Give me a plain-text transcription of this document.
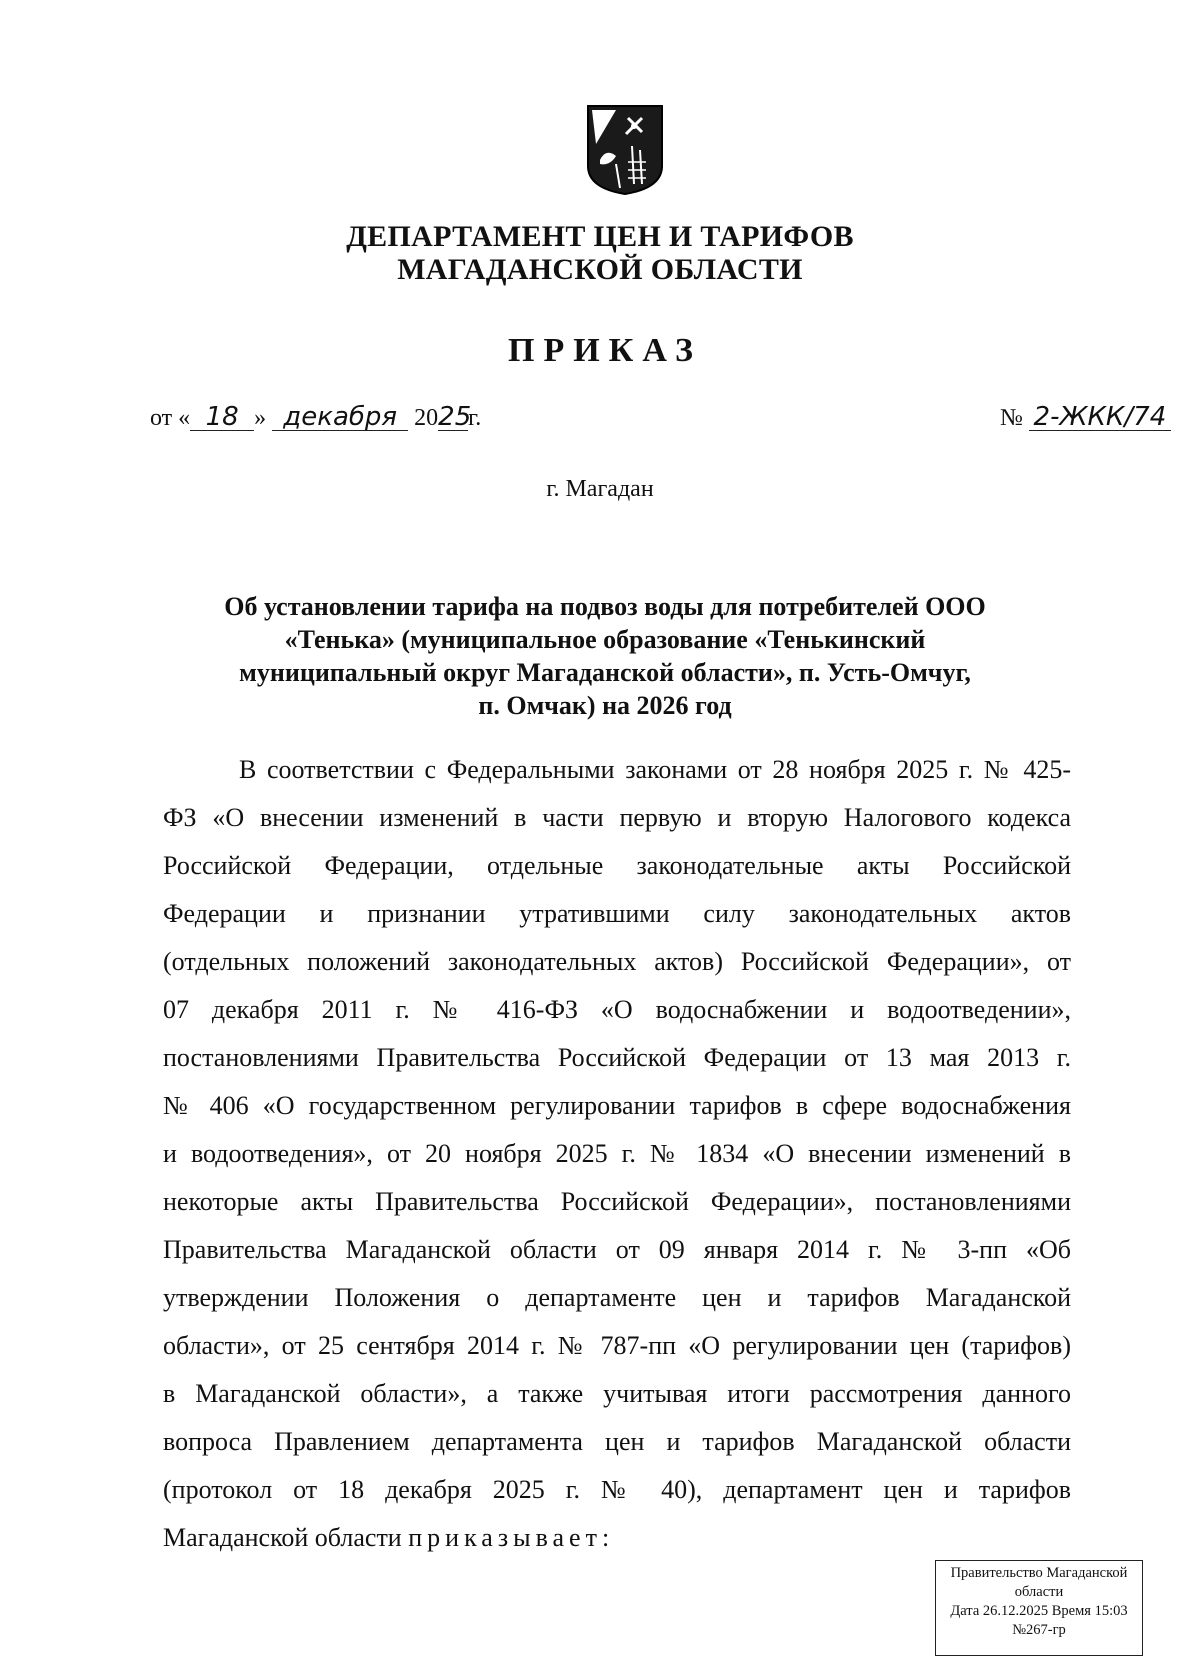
ДЕПАРТАМЕНТ ЦЕН И ТАРИФОВ
МАГАДАНСКОЙ ОБЛАСТИ
ПРИКАЗ
от « 18 » декабря 2025г.	№ 2-ЖКК/74
г. Магадан
Об установлении тарифа на подвоз воды для потребителей ООО
«Тенька» (муниципальное образование «Тенькинский
муниципальный округ Магаданской области», п. Усть-Омчуг,
п. Омчак) на 2026 год
В соответствии с Федеральными законами от 28 ноября 2025 г. № 425-
ФЗ «О внесении изменений в части первую и вторую Налогового кодекса
Российской Федерации, отдельные законодательные акты Российской
Федерации и признании утратившими силу законодательных актов
(отдельных положений законодательных актов) Российской Федерации», от
07 декабря 2011 г. № 416-ФЗ «О водоснабжении и водоотведении»,
постановлениями Правительства Российской Федерации от 13 мая 2013 г.
№ 406 «О государственном регулировании тарифов в сфере водоснабжения
и водоотведения», от 20 ноября 2025 г. № 1834 «О внесении изменений в
некоторые акты Правительства Российской Федерации», постановлениями
Правительства Магаданской области от 09 января 2014 г. № 3-пп «Об
утверждении Положения о департаменте цен и тарифов Магаданской
области», от 25 сентября 2014 г. № 787-пп «О регулировании цен (тарифов)
в Магаданской области», а также учитывая итоги рассмотрения данного
вопроса Правлением департамента цен и тарифов Магаданской области
(протокол от 18 декабря 2025 г. № 40), департамент цен и тарифов
Магаданской области приказывает:
Правительство Магаданской
области
Дата 26.12.2025 Время 15:03
№267-гр
